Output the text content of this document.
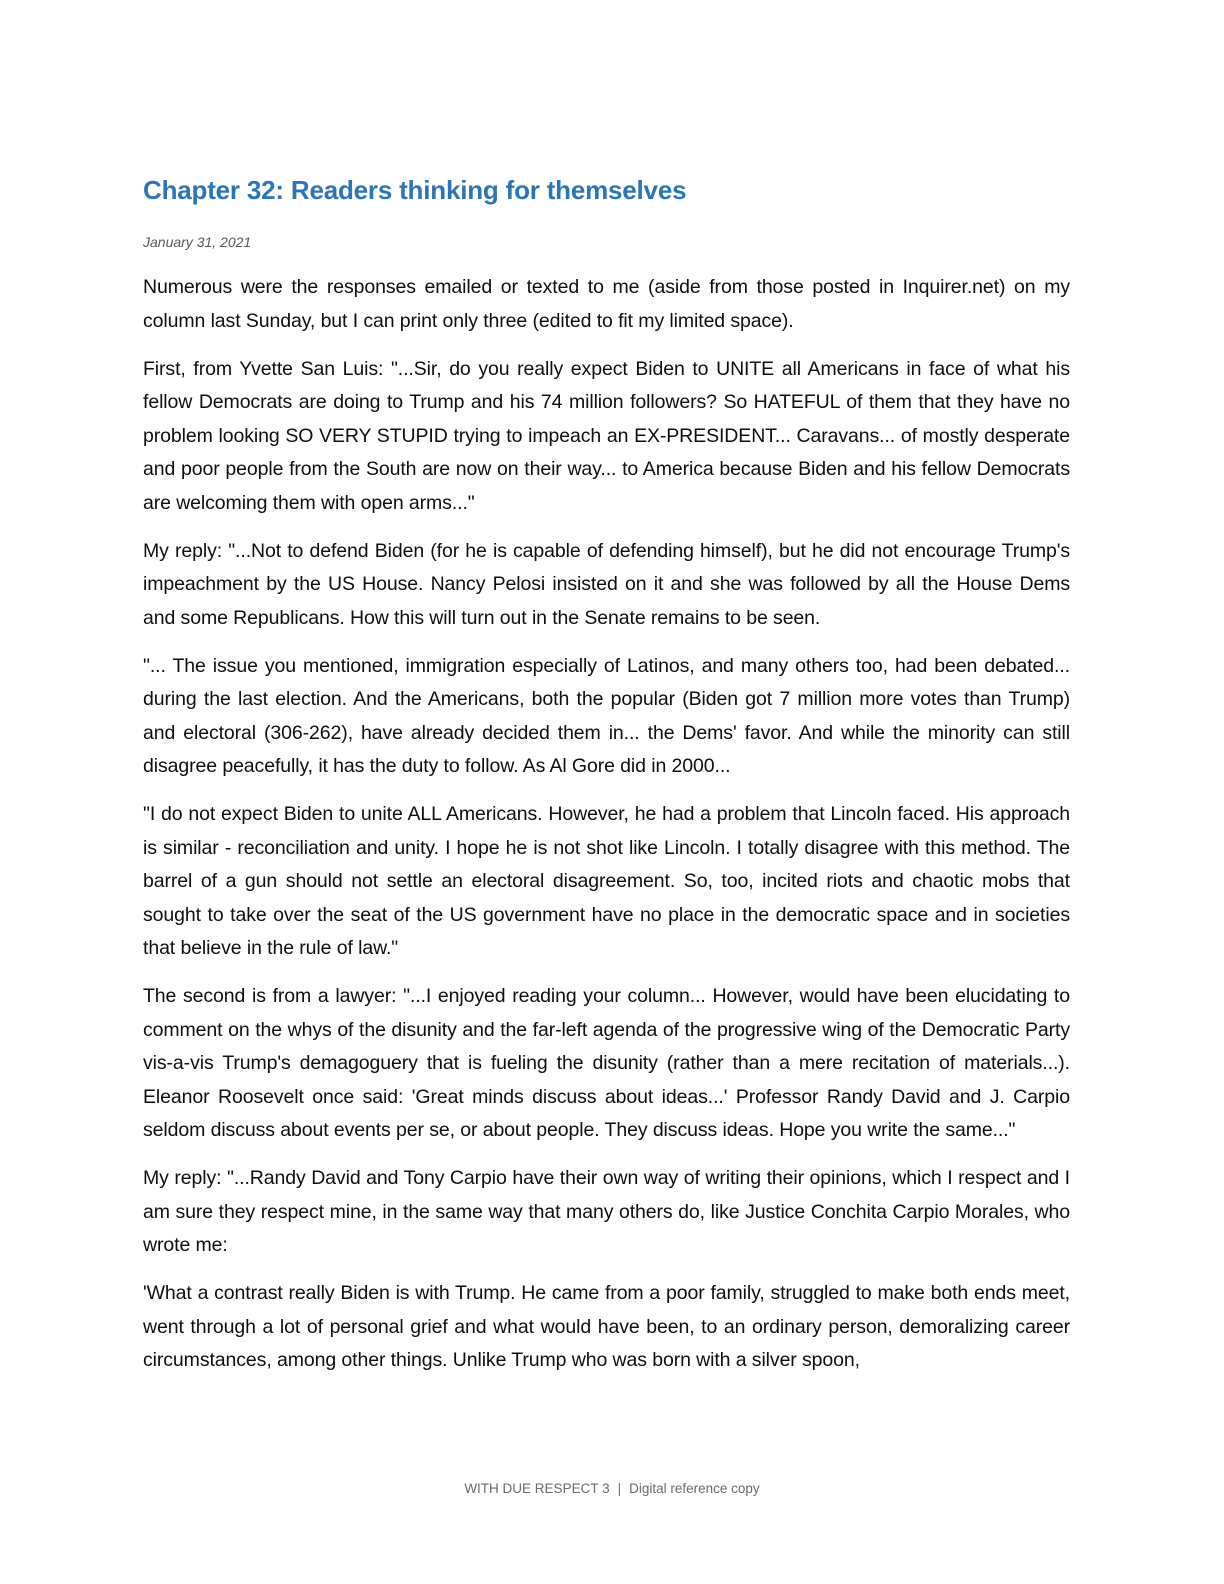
Chapter 32: Readers thinking for themselves
January 31, 2021

Numerous were the responses emailed or texted to me (aside from those posted in Inquirer.net) on my column last Sunday, but I can print only three (edited to fit my limited space).

First, from Yvette San Luis: "...Sir, do you really expect Biden to UNITE all Americans in face of what his fellow Democrats are doing to Trump and his 74 million followers? So HATEFUL of them that they have no problem looking SO VERY STUPID trying to impeach an EX-PRESIDENT... Caravans... of mostly desperate and poor people from the South are now on their way... to America because Biden and his fellow Democrats are welcoming them with open arms..."

My reply: "...Not to defend Biden (for he is capable of defending himself), but he did not encourage Trump's impeachment by the US House. Nancy Pelosi insisted on it and she was followed by all the House Dems and some Republicans. How this will turn out in the Senate remains to be seen.

"... The issue you mentioned, immigration especially of Latinos, and many others too, had been debated... during the last election. And the Americans, both the popular (Biden got 7 million more votes than Trump) and electoral (306-262), have already decided them in... the Dems' favor. And while the minority can still disagree peacefully, it has the duty to follow. As Al Gore did in 2000...

"I do not expect Biden to unite ALL Americans. However, he had a problem that Lincoln faced. His approach is similar - reconciliation and unity. I hope he is not shot like Lincoln. I totally disagree with this method. The barrel of a gun should not settle an electoral disagreement. So, too, incited riots and chaotic mobs that sought to take over the seat of the US government have no place in the democratic space and in societies that believe in the rule of law."

The second is from a lawyer: "...I enjoyed reading your column... However, would have been elucidating to comment on the whys of the disunity and the far-left agenda of the progressive wing of the Democratic Party vis-a-vis Trump's demagoguery that is fueling the disunity (rather than a mere recitation of materials...). Eleanor Roosevelt once said: 'Great minds discuss about ideas...' Professor Randy David and J. Carpio seldom discuss about events per se, or about people. They discuss ideas. Hope you write the same..."

My reply: "...Randy David and Tony Carpio have their own way of writing their opinions, which I respect and I am sure they respect mine, in the same way that many others do, like Justice Conchita Carpio Morales, who wrote me:

'What a contrast really Biden is with Trump. He came from a poor family, struggled to make both ends meet, went through a lot of personal grief and what would have been, to an ordinary person, demoralizing career circumstances, among other things. Unlike Trump who was born with a silver spoon,

WITH DUE RESPECT 3 | Digital reference copy
